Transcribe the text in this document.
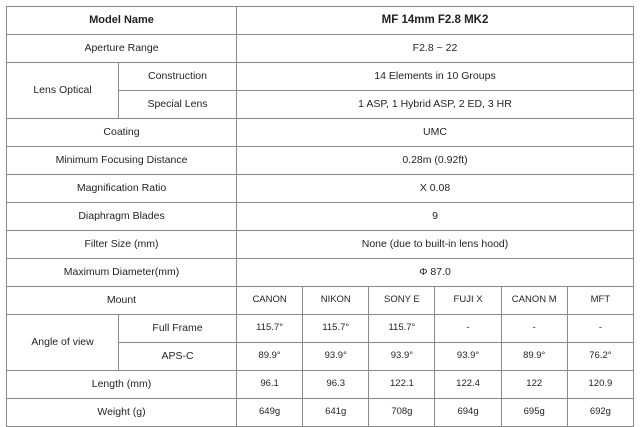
Model Name		MF 14mm F2.8 MK2					
Aperture Range		F2.8 ~ 22					
Lens Optical	Construction	14 Elements in 10 Groups					
	Special Lens	1 ASP, 1 Hybrid ASP, 2 ED, 3 HR					
Coating		UMC					
Minimum Focusing Distance		0.28m (0.92ft)					
Magnification Ratio		X 0.08					
Diaphragm Blades		9					
Filter Size (mm)		None (due to built-in lens hood)					
Maximum Diameter(mm)		Φ 87.0					
Mount		CANON	NIKON	SONY E	FUJI X	CANON M	MFT
Angle of view	Full Frame	115.7°	115.7°	115.7°	-	-	-
	APS-C	89.9°	93.9°	93.9°	93.9°	89.9°	76.2°
Length (mm)		96.1	96.3	122.1	122.4	122	120.9
Weight (g)		649g	641g	708g	694g	695g	692g
